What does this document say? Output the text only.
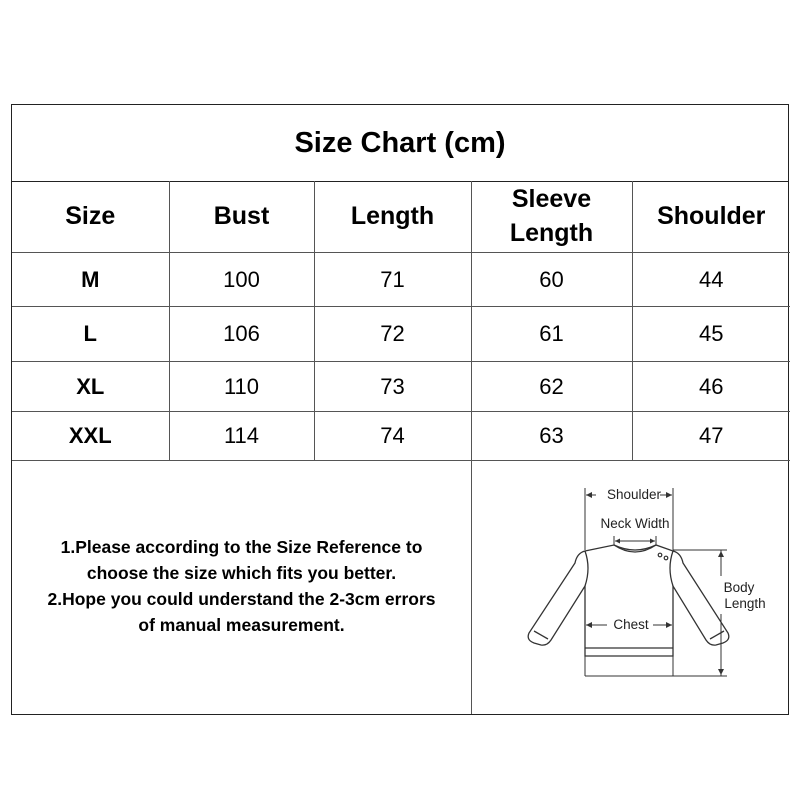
Size Chart (cm)
Size	Bust	Length	Sleeve Length	Shoulder
M	100	71	60	44
L	106	72	61	45
XL	110	73	62	46
XXL	114	74	63	47
1.Please according to the Size Reference to
choose the size which fits you better.
2.Hope you could understand the 2-3cm errors
of manual measurement.
Shoulder
Neck Width
Chest
Body
Length
